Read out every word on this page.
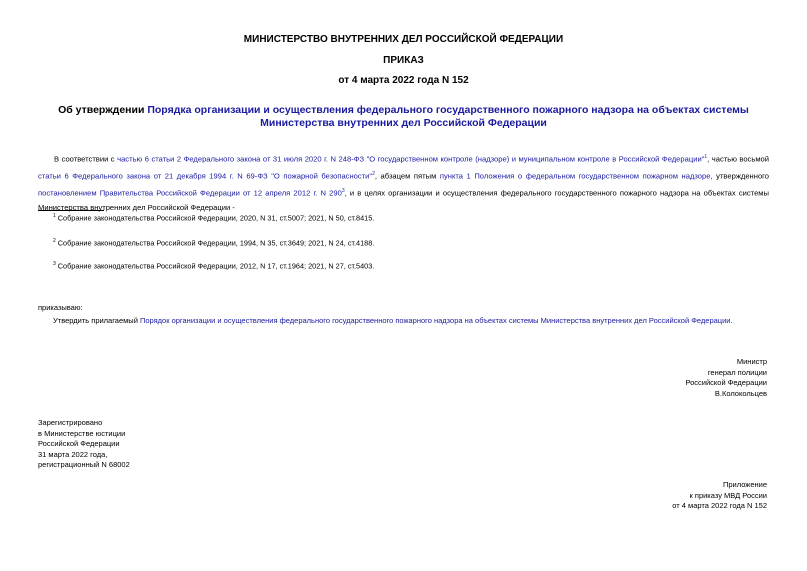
МИНИСТЕРСТВО ВНУТРЕННИХ ДЕЛ РОССИЙСКОЙ ФЕДЕРАЦИИ
ПРИКАЗ
от 4 марта 2022 года N 152
Об утверждении Порядка организации и осуществления федерального государственного пожарного надзора на объектах системы Министерства внутренних дел Российской Федерации
В соответствии с частью 6 статьи 2 Федерального закона от 31 июля 2020 г. N 248-ФЗ "О государственном контроле (надзоре) и муниципальном контроле в Российской Федерации"$^1$, частью восьмой статьи 6 Федерального закона от 21 декабря 1994 г. N 69-ФЗ "О пожарной безопасности"$^2$, абзацем пятым пункта 1 Положения о федеральном государственном пожарном надзоре, утвержденного постановлением Правительства Российской Федерации от 12 апреля 2012 г. N $290^3$, и в целях организации и осуществления федерального государственного пожарного надзора на объектах системы Министерства внутренних дел Российской Федерации -
$^1$ Собрание законодательства Российской Федерации, 2020, N 31, ст.5007; 2021, N 50, ст.8415.
$^2$ Собрание законодательства Российской Федерации, 1994, N 35, ст.3649; 2021, N 24, ст.4188.
$^3$ Собрание законодательства Российской Федерации, 2012, N 17, ст.1964; 2021, N 27, ст.5403.
приказываю:
Утвердить прилагаемый Порядок организации и осуществления федерального государственного пожарного надзора на объектах системы Министерства внутренних дел Российской Федерации.
Министр
генерал полиции
Российской Федерации
В.Колокольцев
Зарегистрировано
в Министерстве юстиции
Российской Федерации
31 марта 2022 года,
регистрационный N 68002
Приложение
к приказу МВД России
от 4 марта 2022 года N 152
